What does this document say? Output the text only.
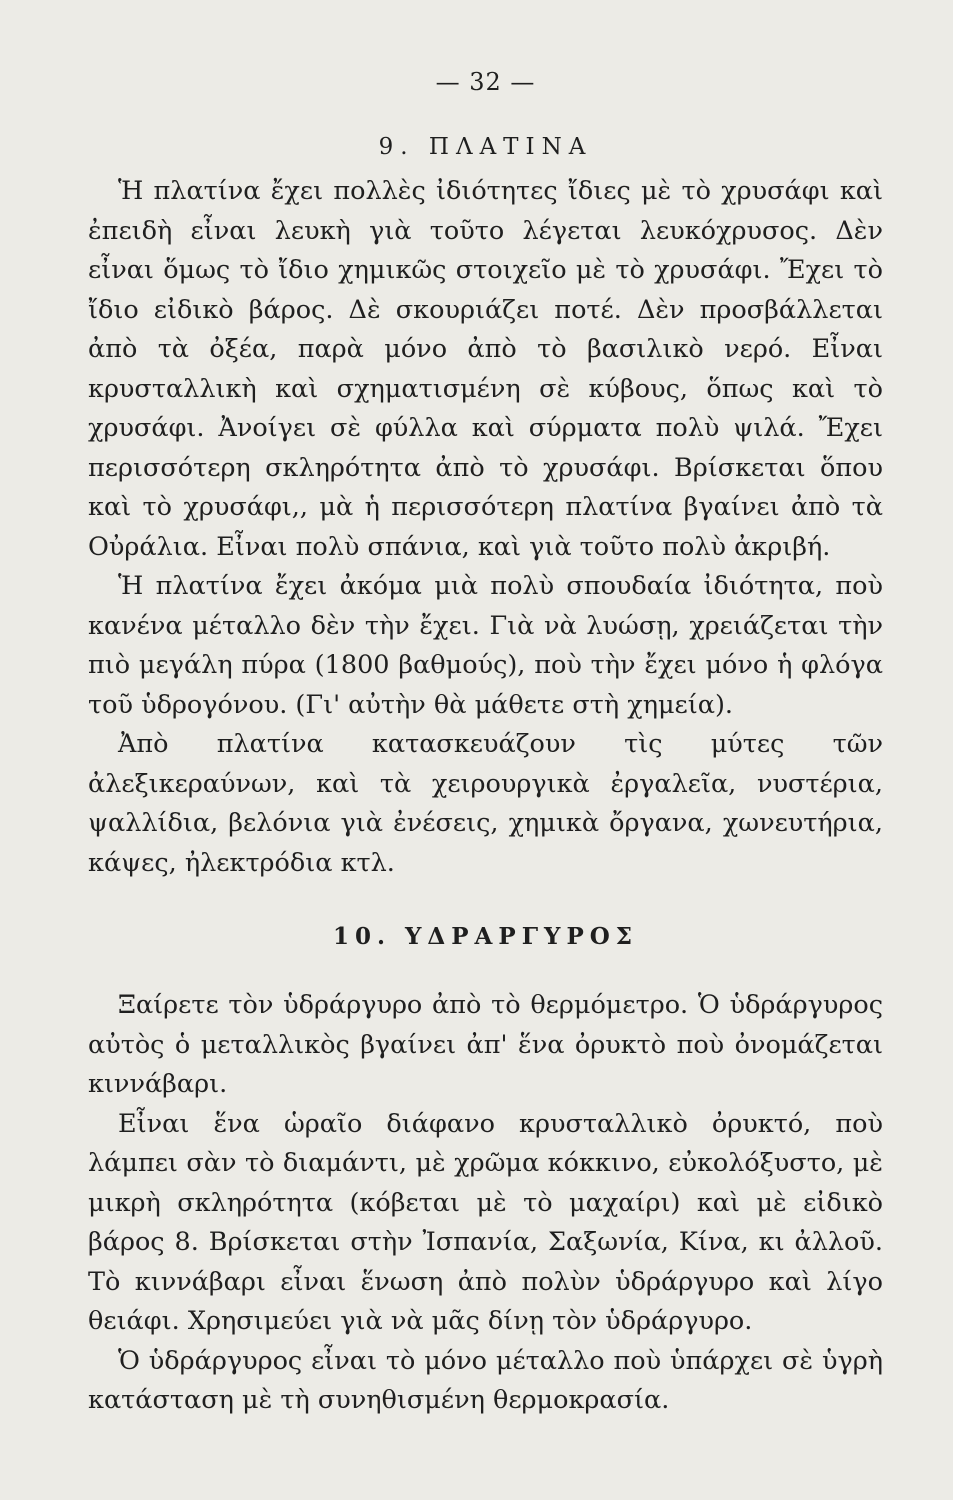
— 32 —
9. ΠΛΑΤΙΝΑ

Ἡ πλατίνα ἔχει πολλὲς ἰδιότητες ἴδιες μὲ τὸ χρυσάφι καὶ ἐπειδὴ εἶναι λευκὴ γιὰ τοῦτο λέγεται λευκόχρυσος. Δὲν εἶναι ὅμως τὸ ἴδιο χημικῶς στοιχεῖο μὲ τὸ χρυσάφι. Ἔχει τὸ ἴδιο εἰδικὸ βάρος. Δὲ σκουριάζει ποτέ. Δὲν προσβάλλεται ἀπὸ τὰ ὀξέα, παρὰ μόνο ἀπὸ τὸ βασιλικὸ νερό. Εἶναι κρυσταλλικὴ καὶ σχηματισμένη σὲ κύβους, ὅπως καὶ τὸ χρυσάφι. Ἀνοίγει σὲ φύλλα καὶ σύρματα πολὺ ψιλά. Ἔχει περισσότερη σκληρότητα ἀπὸ τὸ χρυσάφι. Βρίσκεται ὅπου καὶ τὸ χρυσάφι,, μὰ ἡ περισσότερη πλατίνα βγαίνει ἀπὸ τὰ Οὐράλια. Εἶναι πολὺ σπάνια, καὶ γιὰ τοῦτο πολὺ ἀκριβή.

Ἡ πλατίνα ἔχει ἀκόμα μιὰ πολὺ σπουδαία ἰδιότητα, ποὺ κανένα μέταλλο δὲν τὴν ἔχει. Γιὰ νὰ λυώσῃ, χρειάζεται τὴν πιὸ μεγάλη πύρα (1800 βαθμούς), ποὺ τὴν ἔχει μόνο ἡ φλόγα τοῦ ὑδρογόνου. (Γι' αὐτὴν θὰ μάθετε στὴ χημεία).

Ἀπὸ πλατίνα κατασκευάζουν τὶς μύτες τῶν ἀλεξικεραύνων, καὶ τὰ χειρουργικὰ ἐργαλεῖα, νυστέρια, ψαλλίδια, βελόνια γιὰ ἐνέσεις, χημικὰ ὄργανα, χωνευτήρια, κάψες, ἠλεκτρόδια κτλ.

10. ΥΔΡΑΡΓΥΡΟΣ

Ξαίρετε τὸν ὑδράργυρο ἀπὸ τὸ θερμόμετρο. Ὁ ὑδράργυρος αὐτὸς ὁ μεταλλικὸς βγαίνει ἀπ' ἕνα ὀρυκτὸ ποὺ ὀνομάζεται κιννάβαρι.

Εἶναι ἕνα ὡραῖο διάφανο κρυσταλλικὸ ὀρυκτό, ποὺ λάμπει σὰν τὸ διαμάντι, μὲ χρῶμα κόκκινο, εὐκολόξυστο, μὲ μικρὴ σκληρότητα (κόβεται μὲ τὸ μαχαίρι) καὶ μὲ εἰδικὸ βάρος 8. Βρίσκεται στὴν Ἰσπανία, Σαξωνία, Κίνα, κι ἀλλοῦ. Τὸ κιννάβαρι εἶναι ἕνωση ἀπὸ πολὺν ὑδράργυρο καὶ λίγο θειάφι. Χρησιμεύει γιὰ νὰ μᾶς δίνῃ τὸν ὑδράργυρο.

Ὁ ὑδράργυρος εἶναι τὸ μόνο μέταλλο ποὺ ὑπάρχει σὲ ὑγρὴ κατάσταση μὲ τὴ συνηθισμένη θερμοκρασία.
